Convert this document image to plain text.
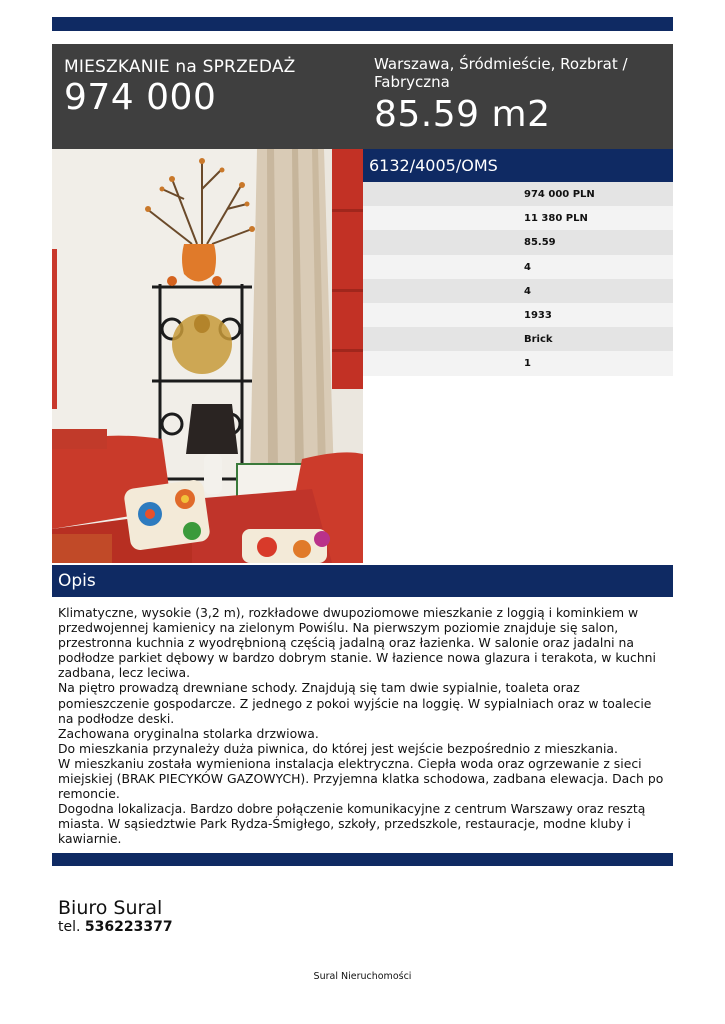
MIESZKANIE na SPRZEDAŻ
974 000
Warszawa, Śródmieście, Rozbrat / Fabryczna
85.59 m2
6132/4005/OMS
974 000 PLN
11 380 PLN
85.59
4
4
1933
Brick
1
Opis

Klimatyczne, wysokie (3,2 m), rozkładowe dwupoziomowe mieszkanie z loggią i kominkiem w przedwojennej kamienicy na zielonym Powiślu. Na pierwszym poziomie znajduje się salon, przestronna kuchnia z wyodrębnioną częścią jadalną oraz łazienka. W salonie oraz jadalni na podłodze parkiet dębowy w bardzo dobrym stanie. W łazience nowa glazura i terakota, w kuchni zadbana, lecz leciwa.

Na piętro prowadzą drewniane schody. Znajdują się tam dwie sypialnie, toaleta oraz pomieszczenie gospodarcze. Z jednego z pokoi wyjście na loggię. W sypialniach oraz w toalecie na podłodze deski.

Zachowana oryginalna stolarka drzwiowa.

Do mieszkania przynależy duża piwnica, do której jest wejście bezpośrednio z mieszkania.

W mieszkaniu została wymieniona instalacja elektryczna. Ciepła woda oraz ogrzewanie z sieci miejskiej (BRAK PIECYKÓW GAZOWYCH). Przyjemna klatka schodowa, zadbana elewacja. Dach po remoncie.

Dogodna lokalizacja. Bardzo dobre połączenie komunikacyjne z centrum Warszawy oraz resztą miasta. W sąsiedztwie Park Rydza-Śmigłego, szkoły, przedszkole, restauracje, modne kluby i kawiarnie.

Biuro Sural
tel. 536223377
Sural Nieruchomości
